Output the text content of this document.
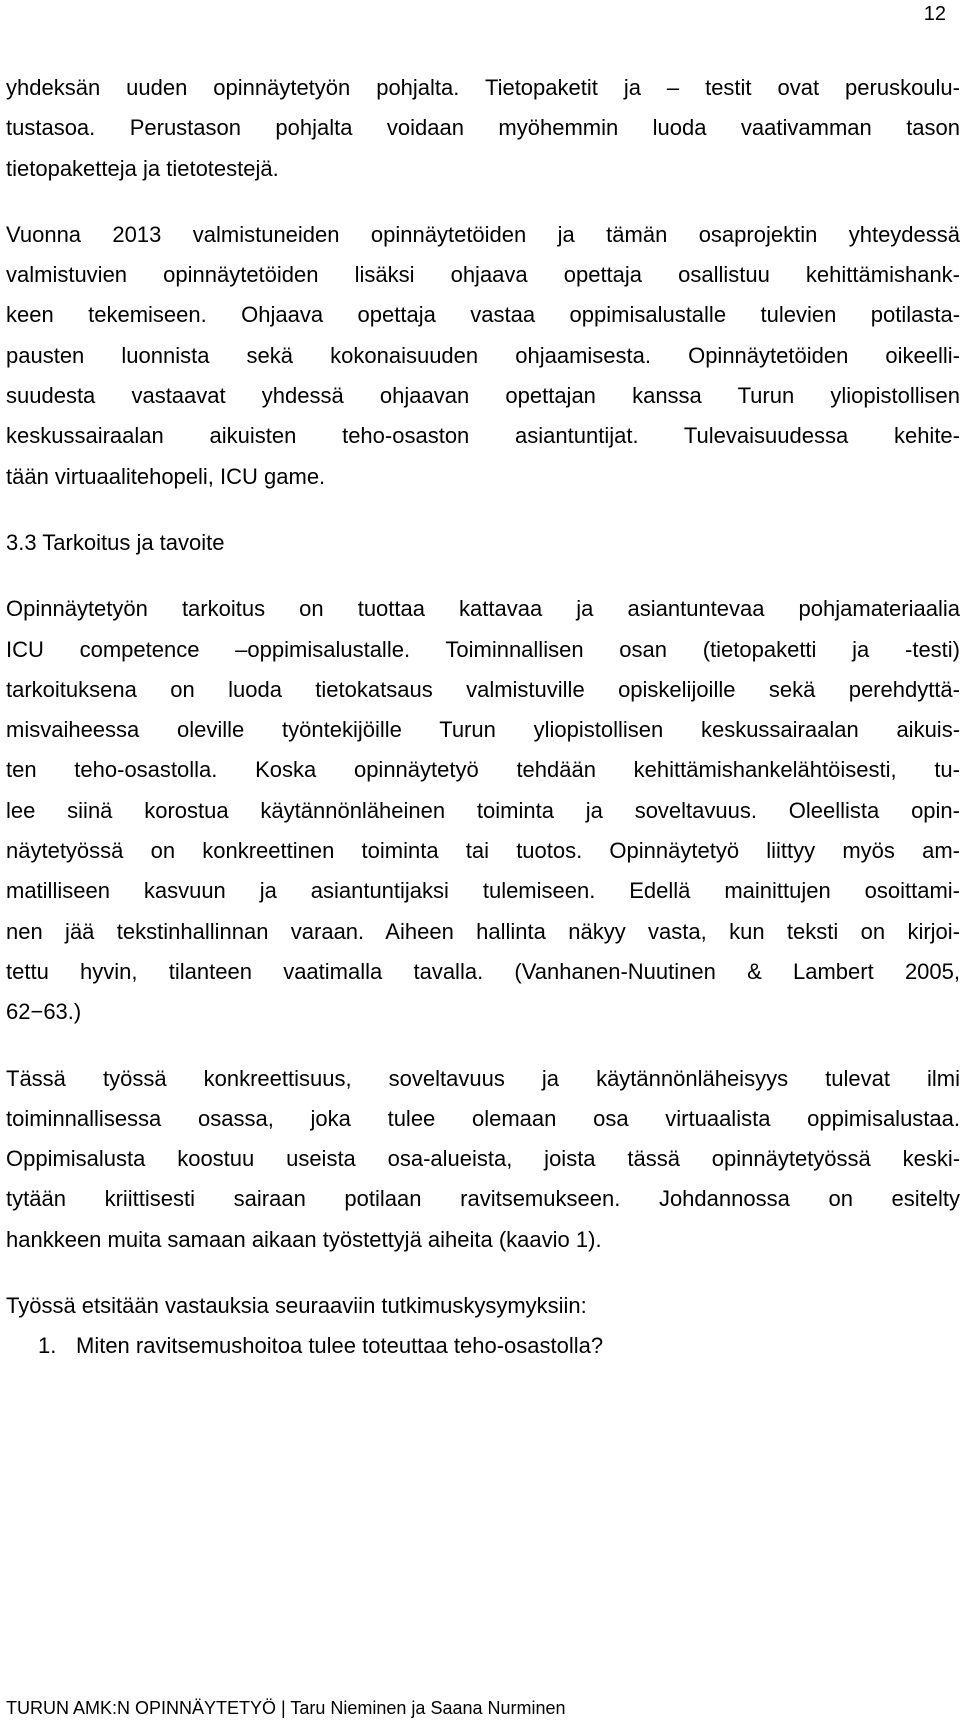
12

yhdeksän uuden opinnäytetyön pohjalta. Tietopaketit ja – testit ovat peruskoulu-
tustasoa. Perustason pohjalta voidaan myöhemmin luoda vaativamman tason
tietopaketteja ja tietotestejä.

Vuonna 2013 valmistuneiden opinnäytetöiden ja tämän osaprojektin yhteydessä
valmistuvien opinnäytetöiden lisäksi ohjaava opettaja osallistuu kehittämishank-
keen tekemiseen. Ohjaava opettaja vastaa oppimisalustalle tulevien potilasta-
pausten luonnista sekä kokonaisuuden ohjaamisesta. Opinnäytetöiden oikeelli-
suudesta vastaavat yhdessä ohjaavan opettajan kanssa Turun yliopistollisen
keskussairaalan aikuisten teho-osaston asiantuntijat. Tulevaisuudessa kehite-
tään virtuaalitehopeli, ICU game.

3.3 Tarkoitus ja tavoite

Opinnäytetyön tarkoitus on tuottaa kattavaa ja asiantuntevaa pohjamateriaalia
ICU competence –oppimisalustalle. Toiminnallisen osan (tietopaketti ja -testi)
tarkoituksena on luoda tietokatsaus valmistuville opiskelijoille sekä perehdyttä-
misvaiheessa oleville työntekijöille Turun yliopistollisen keskussairaalan aikuis-
ten teho-osastolla. Koska opinnäytetyö tehdään kehittämishankelähtöisesti, tu-
lee siinä korostua käytännönläheinen toiminta ja soveltavuus. Oleellista opin-
näytetyössä on konkreettinen toiminta tai tuotos. Opinnäytetyö liittyy myös am-
matilliseen kasvuun ja asiantuntijaksi tulemiseen. Edellä mainittujen osoittami-
nen jää tekstinhallinnan varaan. Aiheen hallinta näkyy vasta, kun teksti on kirjoi-
tettu hyvin, tilanteen vaatimalla tavalla. (Vanhanen-Nuutinen & Lambert 2005,
62−63.)

Tässä työssä konkreettisuus, soveltavuus ja käytännönläheisyys tulevat ilmi
toiminnallisessa osassa, joka tulee olemaan osa virtuaalista oppimisalustaa.
Oppimisalusta koostuu useista osa-alueista, joista tässä opinnäytetyössä keski-
tytään kriittisesti sairaan potilaan ravitsemukseen. Johdannossa on esitelty
hankkeen muita samaan aikaan työstettyjä aiheita (kaavio 1).

Työssä etsitään vastauksia seuraaviin tutkimuskysymyksiin:

1. Miten ravitsemushoitoa tulee toteuttaa teho-osastolla?
TURUN AMK:N OPINNÄYTETYÖ | Taru Nieminen ja Saana Nurminen
